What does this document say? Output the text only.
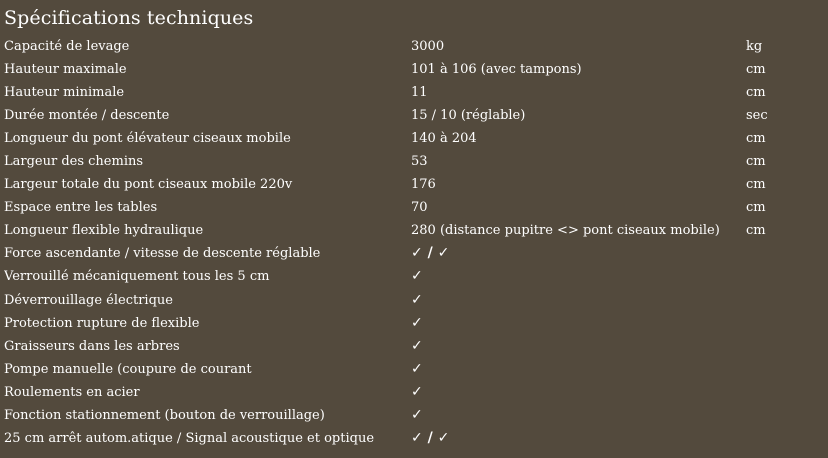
Spécifications techniques
Capacité de levage	3000	kg
Hauteur maximale	101 à 106 (avec tampons)	cm
Hauteur minimale	11	cm
Durée montée / descente	15 / 10 (réglable)	sec
Longueur du pont élévateur ciseaux mobile	140 à 204	cm
Largeur des chemins	53	cm
Largeur totale du pont ciseaux mobile 220v	176	cm
Espace entre les tables	70	cm
Longueur flexible hydraulique	280 (distance pupitre <> pont ciseaux mobile)	cm
Force ascendante / vitesse de descente réglable	✓ / ✓
Verrouillé mécaniquement tous les 5 cm	✓
Déverrouillage électrique	✓
Protection rupture de flexible	✓
Graisseurs dans les arbres	✓
Pompe manuelle (coupure de courant	✓
Roulements en acier	✓
Fonction stationnement (bouton de verrouillage)	✓
25 cm arrêt autom.atique / Signal acoustique et optique	✓ / ✓
